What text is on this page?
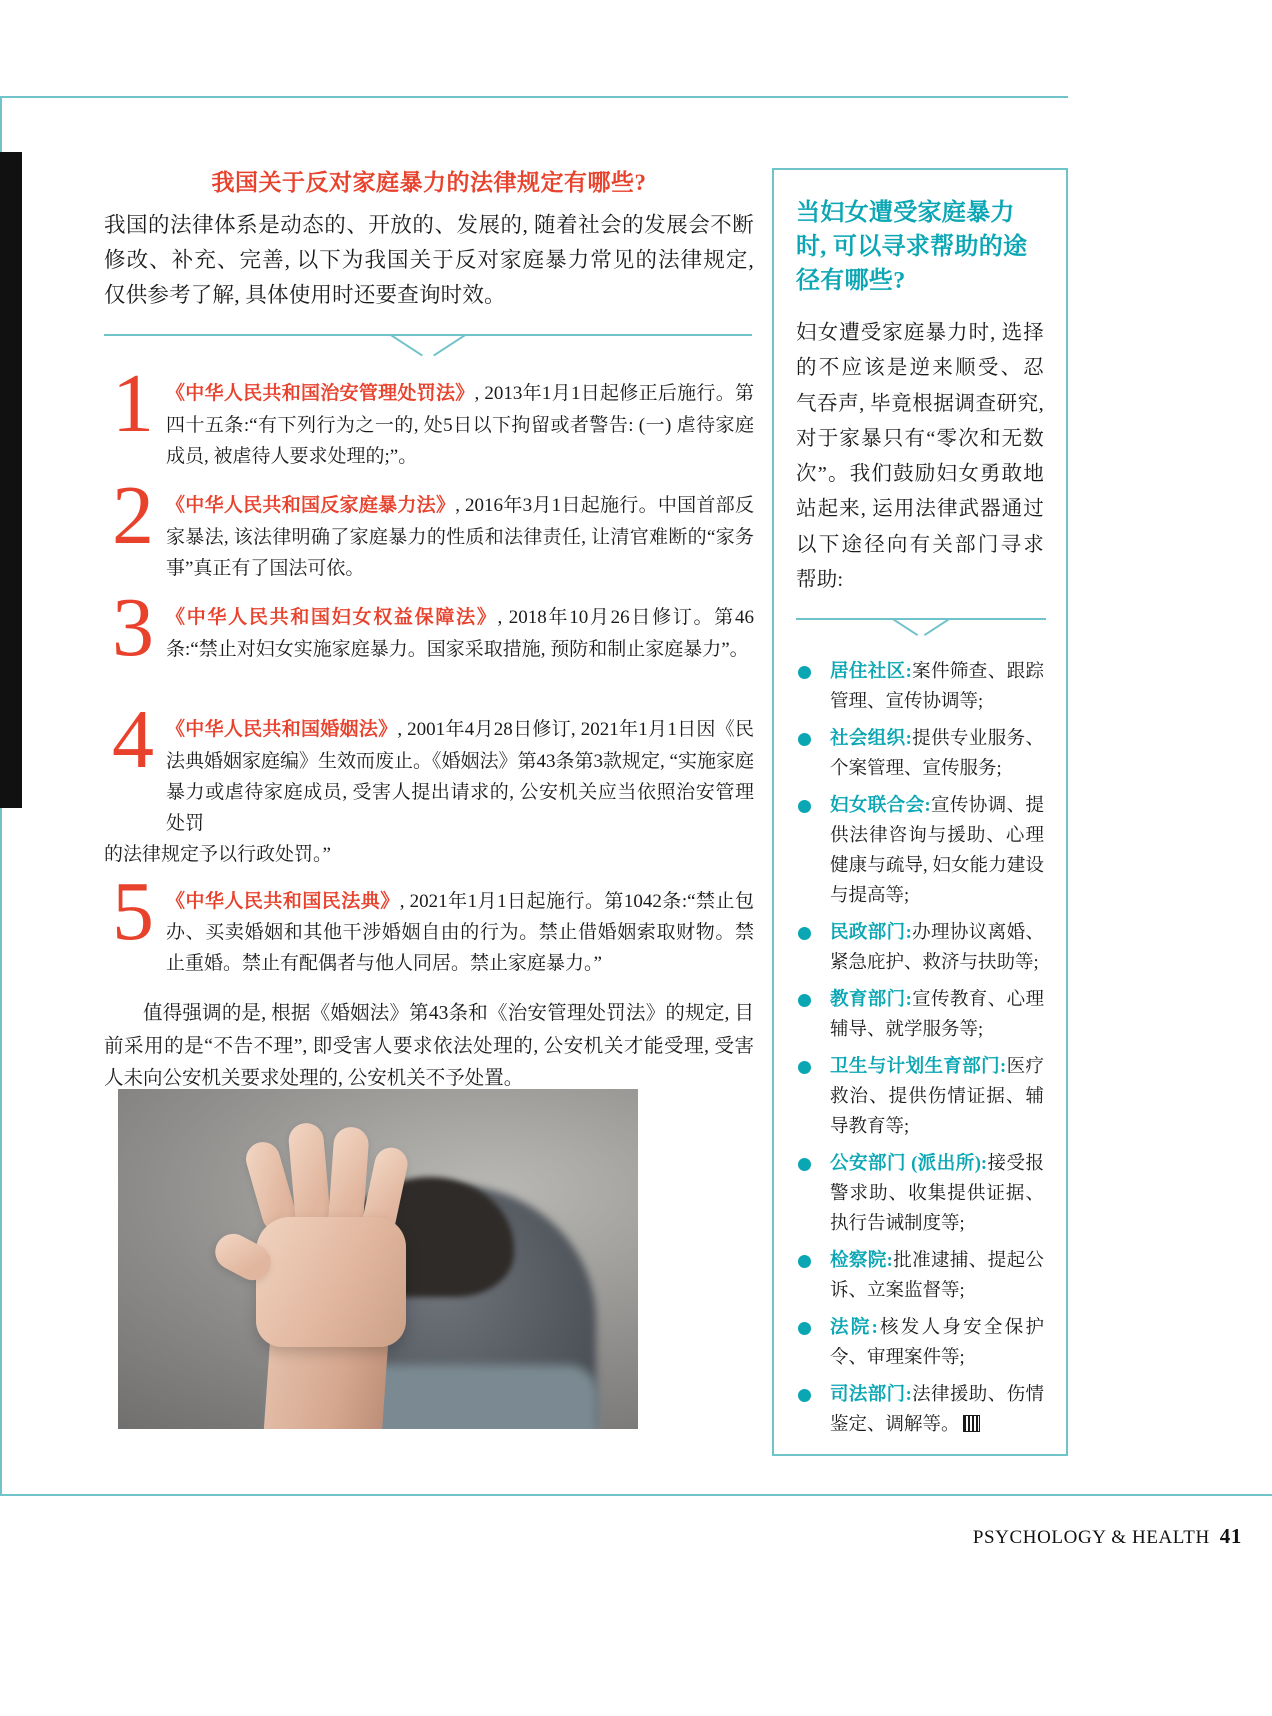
我国关于反对家庭暴力的法律规定有哪些?

我国的法律体系是动态的、开放的、发展的, 随着社会的发展会不断修改、补充、完善, 以下为我国关于反对家庭暴力常见的法律规定, 仅供参考了解, 具体使用时还要查询时效。

1 《中华人民共和国治安管理处罚法》, 2013年1月1日起修正后施行。第四十五条:“有下列行为之一的, 处5日以下拘留或者警告: (一) 虐待家庭成员, 被虐待人要求处理的;”。
2 《中华人民共和国反家庭暴力法》, 2016年3月1日起施行。中国首部反家暴法, 该法律明确了家庭暴力的性质和法律责任, 让清官难断的“家务事”真正有了国法可依。
3 《中华人民共和国妇女权益保障法》, 2018年10月26日修订。第46条:“禁止对妇女实施家庭暴力。国家采取措施, 预防和制止家庭暴力”。
4 《中华人民共和国婚姻法》, 2001年4月28日修订, 2021年1月1日因《民法典婚姻家庭编》生效而废止。《婚姻法》第43条第3款规定, “实施家庭暴力或虐待家庭成员, 受害人提出请求的, 公安机关应当依照治安管理处罚
的法律规定予以行政处罚。”
5 《中华人民共和国民法典》, 2021年1月1日起施行。第1042条:“禁止包办、买卖婚姻和其他干涉婚姻自由的行为。禁止借婚姻索取财物。禁止重婚。禁止有配偶者与他人同居。禁止家庭暴力。”

值得强调的是, 根据《婚姻法》第43条和《治安管理处罚法》的规定, 目前采用的是“不告不理”, 即受害人要求依法处理的, 公安机关才能受理, 受害人未向公安机关要求处理的, 公安机关不予处置。

当妇女遭受家庭暴力时, 可以寻求帮助的途径有哪些?

妇女遭受家庭暴力时, 选择的不应该是逆来顺受、忍气吞声, 毕竟根据调查研究, 对于家暴只有“零次和无数次”。我们鼓励妇女勇敢地站起来, 运用法律武器通过以下途径向有关部门寻求帮助:

居住社区:案件筛查、跟踪管理、宣传协调等;
社会组织:提供专业服务、个案管理、宣传服务;
妇女联合会:宣传协调、提供法律咨询与援助、心理健康与疏导, 妇女能力建设与提高等;
民政部门:办理协议离婚、紧急庇护、救济与扶助等;
教育部门:宣传教育、心理辅导、就学服务等;
卫生与计划生育部门:医疗救治、提供伤情证据、辅导教育等;
公安部门 (派出所):接受报警求助、收集提供证据、执行告诫制度等;
检察院:批准逮捕、提起公诉、立案监督等;
法院:核发人身安全保护令、审理案件等;
司法部门:法律援助、伤情鉴定、调解等。
PSYCHOLOGY & HEALTH 41
